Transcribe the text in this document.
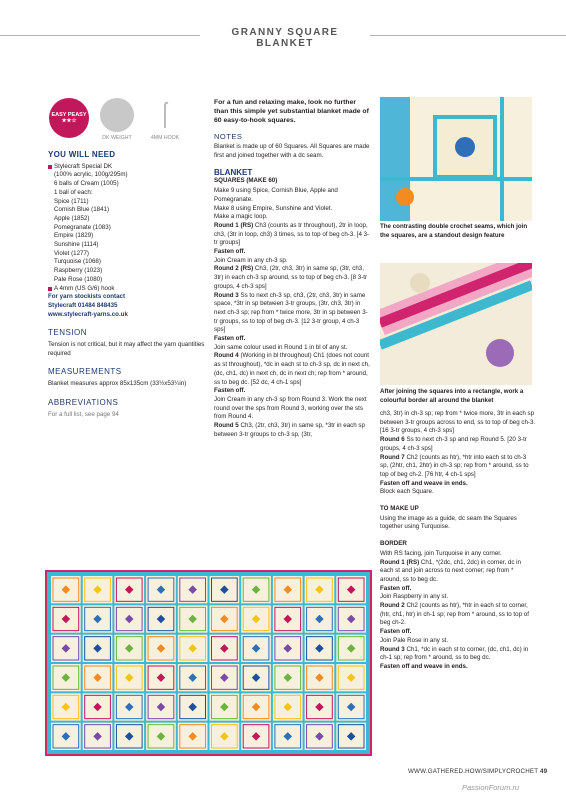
GRANNY SQUARE BLANKET
EASY PEASY
★★☆
DK WEIGHT	4MM HOOK
YOU WILL NEED

Stylecraft Special DK

(100% acrylic, 100g/295m)

6 balls of Cream (1005)

1 ball of each:

Spice (1711)

Cornish Blue (1841)

Apple (1852)

Pomegranate (1083)

Empire (1829)

Sunshine (1114)

Violet (1277)

Turquoise (1068)

Raspberry (1023)

Pale Rose (1080)

A 4mm (US G/6) hook

For yarn stockists contact

Stylecraft 01484 848435

www.stylecraft-yarns.co.uk

TENSION

Tension is not critical, but it may affect the yarn quantities required

MEASUREMENTS

Blanket measures approx 85x135cm (33½x53¼in)

ABBREVIATIONS

For a full list, see page 94

For a fun and relaxing make, look no further than this simple yet substantial blanket made of 60 easy-to-hook squares.

NOTES

Blanket is made up of 60 Squares. All Squares are made first and joined together with a dc seam.

BLANKET

SQUARES (MAKE 60)

Make 9 using Spice, Cornish Blue, Apple and Pomegranate.

Make 8 using Empire, Sunshine and Violet.

Make a magic loop.

Round 1 (RS) Ch3 (counts as tr throughout), 2tr in loop, ch3, (3tr in loop, ch3) 3 times, ss to top of beg ch-3. [4 3-tr groups]

Fasten off.

Join Cream in any ch-3 sp.

Round 2 (RS) Ch3, (2tr, ch3, 3tr) in same sp, (3tr, ch3, 3tr) in each ch-3 sp around, ss to top of beg ch-3. [8 3-tr groups, 4 ch-3 sps]

Round 3 Ss to next ch-3 sp, ch3, (2tr, ch3, 3tr) in same space, *3tr in sp between 3-tr groups, (3tr, ch3, 3tr) in next ch-3 sp; rep from * twice more, 3tr in sp between 3-tr groups, ss to top of beg ch-3. [12 3-tr group, 4 ch-3 sps]

Fasten off.

Join same colour used in Round 1 in bl of any st.

Round 4 (Working in bl throughout) Ch1 (does not count as st throughout), *dc in each st to ch-3 sp, dc in next ch, (dc, ch1, dc) in next ch, dc in next ch; rep from * around, ss to beg dc. [52 dc, 4 ch-1 sps]

Fasten off.

Join Cream in any ch-3 sp from Round 3. Work the next round over the sps from Round 3, working over the sts from Round 4.

Round 5 Ch3, (2tr, ch3, 3tr) in same sp, *3tr in each sp between 3-tr groups to ch-3 sp, (3tr,

The contrasting double crochet seams, which join the squares, are a standout design feature
After joining the squares into a rectangle, work a colourful border all around the blanket

ch3, 3tr) in ch-3 sp; rep from * twice more, 3tr in each sp between 3-tr groups across to end, ss to top of beg ch-3. [16 3-tr groups, 4 ch-3 sps]

Round 6 Ss to next ch-3 sp and rep Round 5. [20 3-tr groups, 4 ch-3 sps]

Round 7 Ch2 (counts as htr), *htr into each st to ch-3 sp, (2htr, ch1, 2htr) in ch-3 sp; rep from * around, ss to top of beg ch-2. [76 htr, 4 ch-1 sps]

Fasten off and weave in ends.

Block each Square.

TO MAKE UP

Using the image as a guide, dc seam the Squares together using Turquoise.

BORDER

With RS facing, join Turquoise in any corner.

Round 1 (RS) Ch1, *(2dc, ch1, 2dc) in corner, dc in each st and join across to next corner; rep from * around, ss to beg dc.

Fasten off.

Join Raspberry in any st.

Round 2 Ch2 (counts as htr), *htr in each st to corner, (htr, ch1, htr) in ch-1 sp; rep from * around, ss to top of beg ch-2.

Fasten off.

Join Pale Rose in any st.

Round 3 Ch1, *dc in each st to corner, (dc, ch1, dc) in ch-1 sp; rep from * around, ss to beg dc.

Fasten off and weave in ends.

WWW.GATHERED.HOW/SIMPLYCROCHET 49
PassionForum.ru
